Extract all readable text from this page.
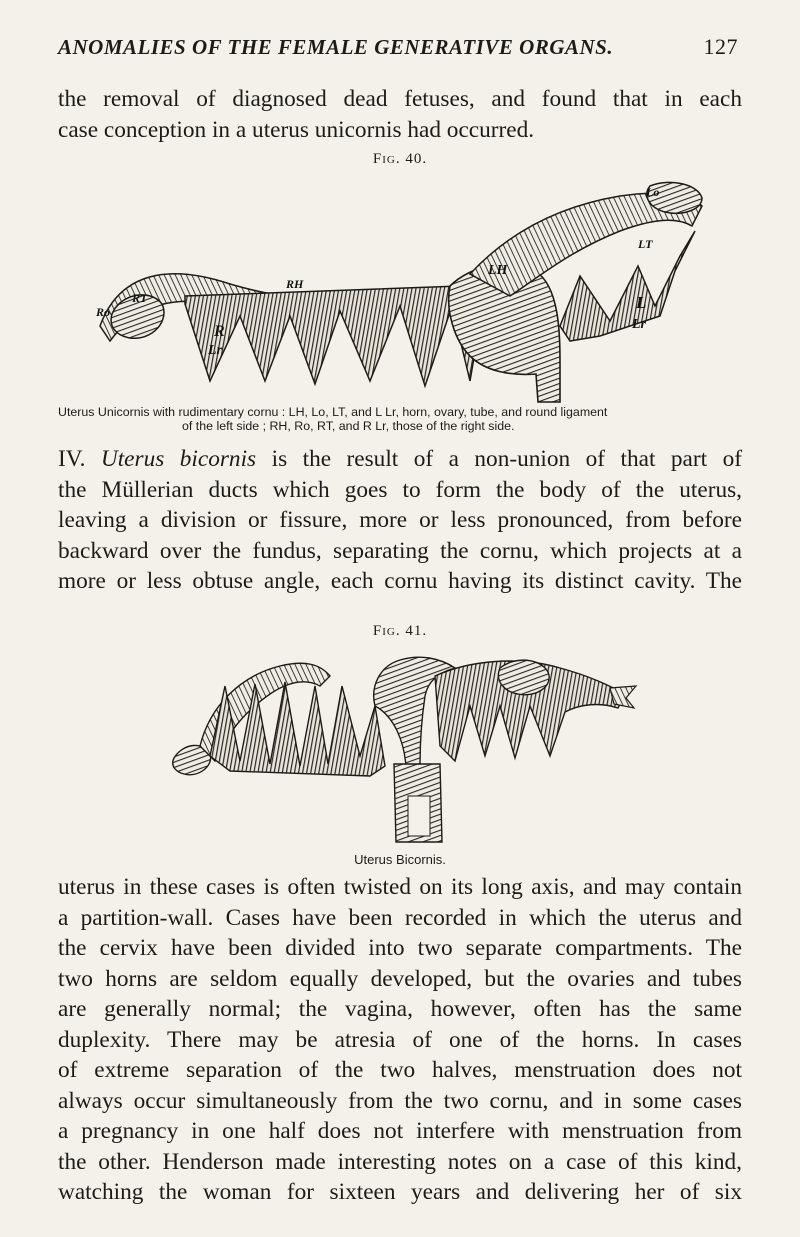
ANOMALIES OF THE FEMALE GENERATIVE ORGANS.	127

the removal of diagnosed dead fetuses, and found that in each

case conception in a uterus unicornis had occurred.

Fig. 40.
Lo
LT
LH
L
Lr
RT
Ro
RH
R
Lr
Uterus Unicornis with rudimentary cornu : LH, Lo, LT, and L Lr, horn, ovary, tube, and round ligament
of the left side ; RH, Ro, RT, and R Lr, those of the right side.

IV. Uterus bicornis is the result of a non-union of that part of

the Müllerian ducts which goes to form the body of the uterus,

leaving a division or fissure, more or less pronounced, from before

backward over the fundus, separating the cornu, which projects at a

more or less obtuse angle, each cornu having its distinct cavity. The

Fig. 41.
Uterus Bicornis.

uterus in these cases is often twisted on its long axis, and may contain

a partition-wall. Cases have been recorded in which the uterus and

the cervix have been divided into two separate compartments. The

two horns are seldom equally developed, but the ovaries and tubes

are generally normal; the vagina, however, often has the same

duplexity. There may be atresia of one of the horns. In cases

of extreme separation of the two halves, menstruation does not

always occur simultaneously from the two cornu, and in some cases

a pregnancy in one half does not interfere with menstruation from

the other. Henderson made interesting notes on a case of this kind,

watching the woman for sixteen years and delivering her of six
